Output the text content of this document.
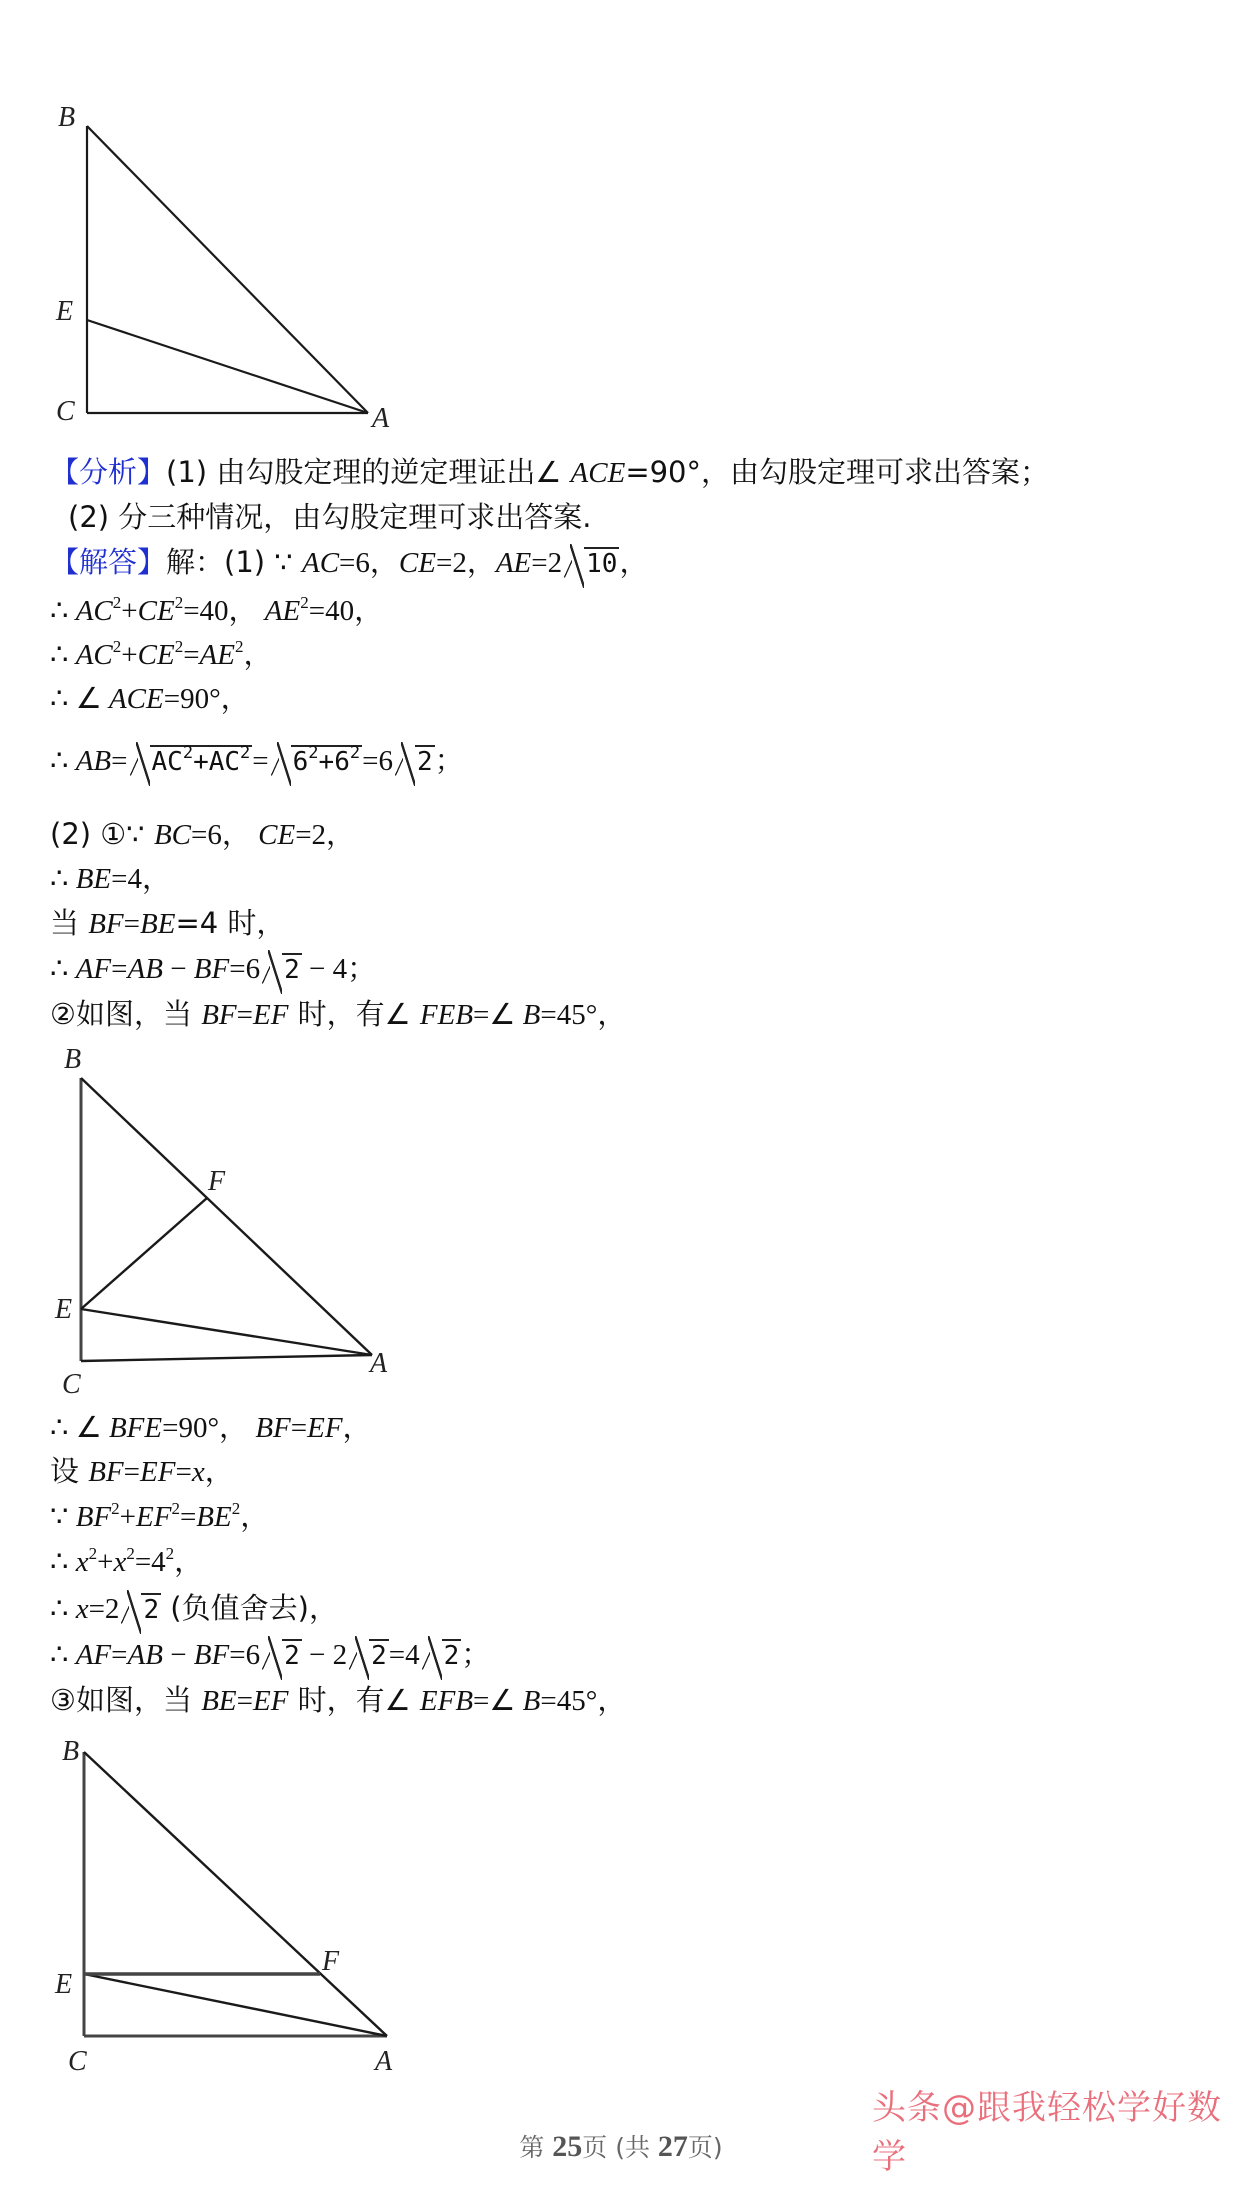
B
E
C	A
B
F
E
C
A
B
E
F
C	A
【分析】(1) 由勾股定理的逆定理证出∠ ACE=90°，由勾股定理可求出答案；
(2) 分三种情况，由勾股定理可求出答案.
【解答】解：(1) ∵ AC=6，CE=2，AE=2 10，
∴ $AC^2+CE^2=40$， $AE^2=40$，
∴ $AC^2+CE^2=AE^2$，
∴ ∠ ACE=90°，
∴ $AB= AC^2+AC^2= 6^2+6^2=6$ 2；
(2) ①∵ BC=6， CE=2，
∴ BE=4，
当 BF=BE=4 时，
∴ AF=AB − BF=6 2 − 4；
②如图，当 BF=EF 时，有∠ FEB=∠ B=45°，
∴ ∠ BFE=90°， BF=EF，
设 BF=EF=x，
∵ $BF^2+EF^2=BE^2$，
∴ $x^2+x^2=4^2$，
∴ x=2 2 (负值舍去)，
∴ AF=AB − BF=6 2 − 2 2=4 2；
③如图，当 BE=EF 时，有∠ EFB=∠ B=45°，
头条@跟我轻松学好数学
第 25页 (共 27页)
